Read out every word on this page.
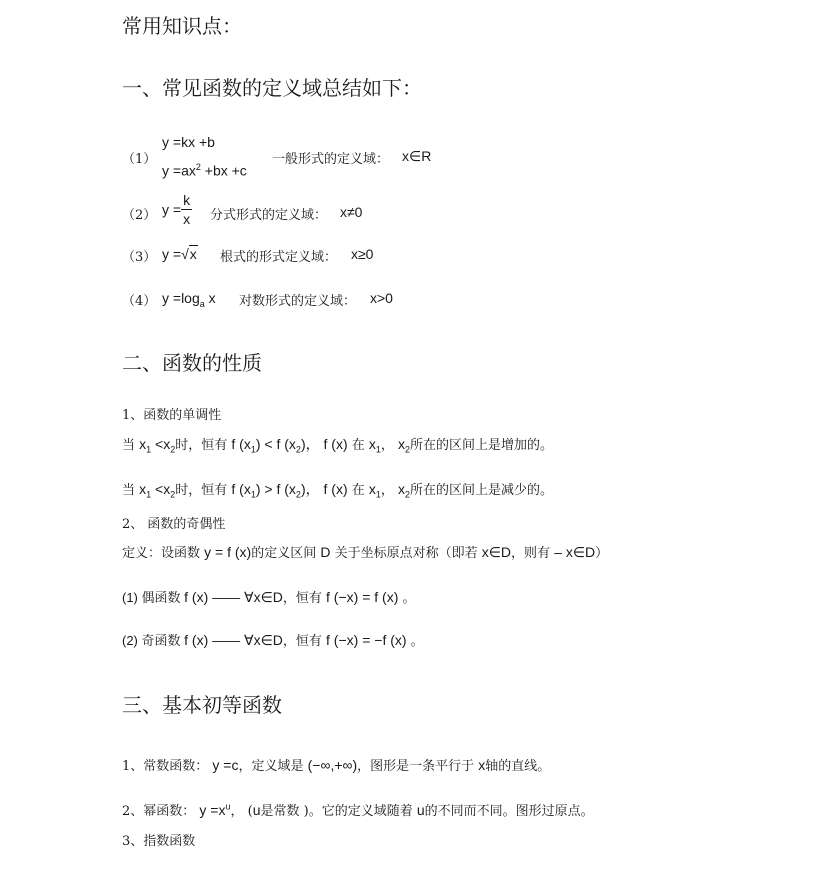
常用知识点：
一、常见函数的定义域总结如下：
（1）
y =kx +b
$y =ax^2 +bx +c$
一般形式的定义域： x∈R
（2） $y = \frac{k}{x}$ 分式形式的定义域： x≠0
（3） y =√x 根式的形式定义域： x≥0
（4） $y =\log_a$ x 对数形式的定义域： x>0
二、函数的性质
1、函数的单调性
当 $x_1 <x_2$时，恒有 f $(x_1) < f$ $(x_2)$， f (x) 在 $x_1$， $x_2$所在的区间上是增加的。
当 $x_1 <x_2$时，恒有 f $(x_1) > f$ $(x_2)$， f (x) 在 $x_1$， $x_2$所在的区间上是减少的。
2、 函数的奇偶性
定义：设函数 y = f (x)的定义区间 D 关于坐标原点对称（即若 x∈D，则有 – x∈D）
(1) 偶函数 f (x) —— ∀x∈D，恒有 f (−x) = f (x) 。
(2) 奇函数 f (x) —— ∀x∈D，恒有 f (−x) = −f (x) 。
三、基本初等函数
1、常数函数： y =c，定义域是 (−∞,+∞)，图形是一条平行于 x轴的直线。
2、幂函数： $y =x^u$， (u是常数 )。它的定义域随着 u的不同而不同。图形过原点。
3、指数函数
